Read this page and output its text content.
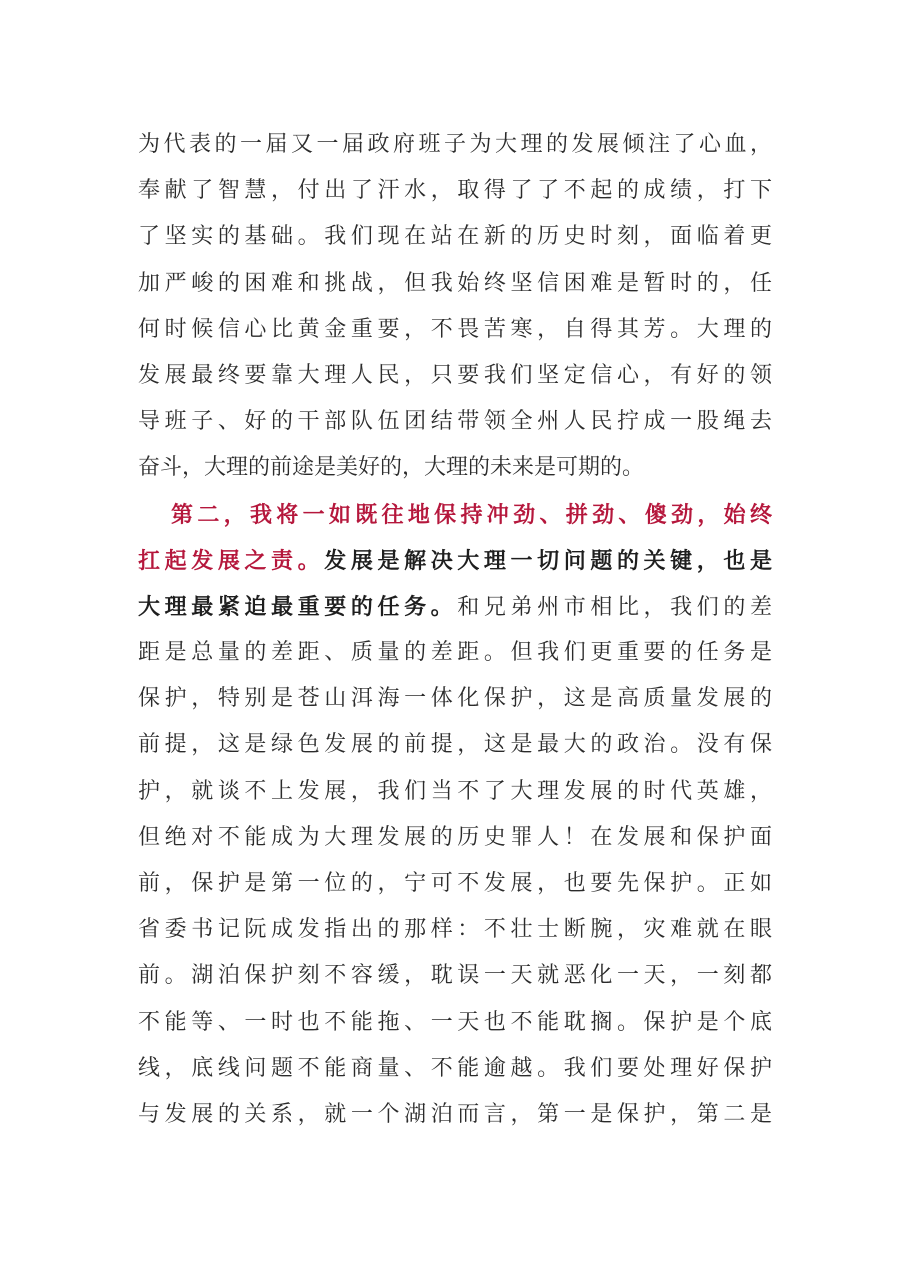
为代表的一届又一届政府班子为大理的发展倾注了心血，
奉献了智慧，付出了汗水，取得了了不起的成绩，打下
了坚实的基础。我们现在站在新的历史时刻，面临着更
加严峻的困难和挑战，但我始终坚信困难是暂时的，任
何时候信心比黄金重要，不畏苦寒，自得其芳。大理的
发展最终要靠大理人民，只要我们坚定信心，有好的领
导班子、好的干部队伍团结带领全州人民拧成一股绳去
奋斗，大理的前途是美好的，大理的未来是可期的。
第二，我将一如既往地保持冲劲、拼劲、傻劲，始终
扛起发展之责。发展是解决大理一切问题的关键，也是
大理最紧迫最重要的任务。和兄弟州市相比，我们的差
距是总量的差距、质量的差距。但我们更重要的任务是
保护，特别是苍山洱海一体化保护，这是高质量发展的
前提，这是绿色发展的前提，这是最大的政治。没有保
护，就谈不上发展，我们当不了大理发展的时代英雄，
但绝对不能成为大理发展的历史罪人！在发展和保护面
前，保护是第一位的，宁可不发展，也要先保护。正如
省委书记阮成发指出的那样：不壮士断腕，灾难就在眼
前。湖泊保护刻不容缓，耽误一天就恶化一天，一刻都
不能等、一时也不能拖、一天也不能耽搁。保护是个底
线，底线问题不能商量、不能逾越。我们要处理好保护
与发展的关系，就一个湖泊而言，第一是保护，第二是
